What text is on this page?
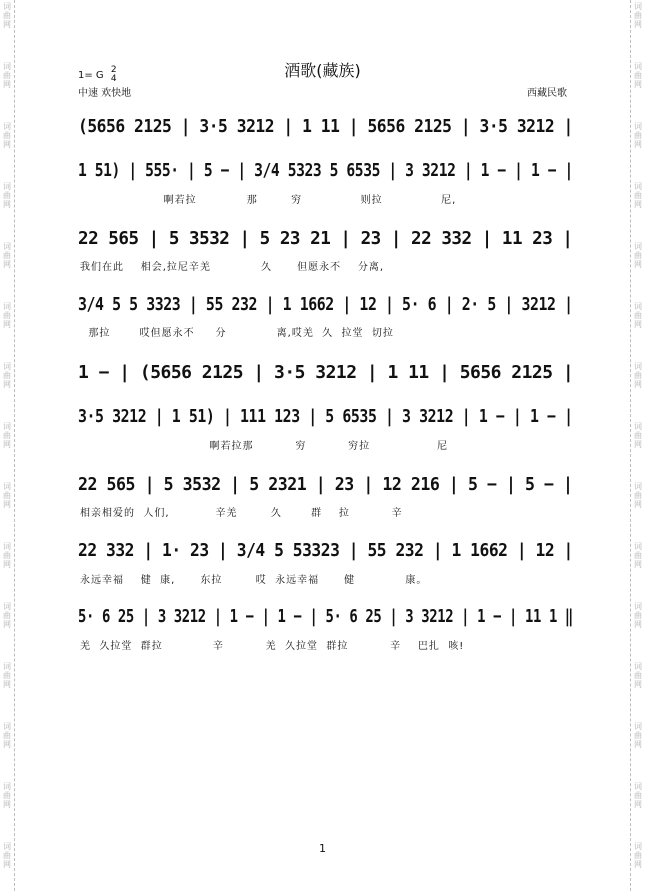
词曲网
词曲网
词曲网
词曲网
词曲网
词曲网
词曲网
词曲网
词曲网
词曲网
词曲网
词曲网
词曲网
词曲网
词曲网
词曲网
词曲网
词曲网
词曲网
词曲网
词曲网
词曲网
词曲网
词曲网
词曲网
词曲网
词曲网
词曲网
词曲网
词曲网
1= G 2
4	酒歌(藏族)
中速 欢快地	西藏民歌
(5656 2125 | 3·5 3212 | 1 11 | 5656 2125 | 3·5 3212 |
1 51) | 555· | 5 − | 3/4 5323 5 6535 | 3 3212 | 1 − | 1 − |
啊若拉            那        穷              则拉              尼,
22 565 | 5 3532 | 5 23 21 | 23 | 22 332 | 11 23 |
我们在此    相会,拉尼辛羌            久      但愿永不    分离,
3/4 5 5 3323 | 55 232 | 1 1662 | 12 | 5· 6 | 2· 5 | 3212 |
那拉       哎但愿永不     分            离,哎羌  久  拉堂  切拉
1 − | (5656 2125 | 3·5 3212 | 1 11 | 5656 2125 |
3·5 3212 | 1 51) | 111 123 | 5 6535 | 3 3212 | 1 − | 1 − |
啊若拉那          穷          穷拉                尼
22 565 | 5 3532 | 5 2321 | 23 | 12 216 | 5 − | 5 − |
相亲相爱的  人们,           辛羌        久       群    拉          辛
22 332 | 1· 23 | 3/4 5 53323 | 55 232 | 1 1662 | 12 |
永远幸福    健  康,      东拉        哎  永远幸福      健            康。
5· 6 25 | 3 3212 | 1 − | 1 − | 5· 6 25 | 3 3212 | 1 − | 11 1 ‖
羌  久拉堂  群拉            辛          羌  久拉堂  群拉          辛    巴扎  咳!
1
